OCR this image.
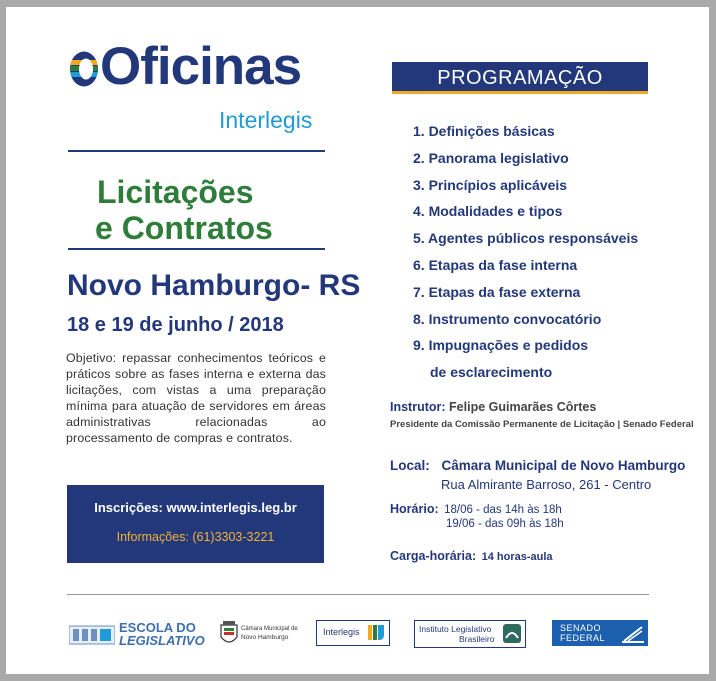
Oficinas
Interlegis
Licitações
e Contratos
Novo Hamburgo- RS
18 e 19 de junho / 2018
Objetivo: repassar conhecimentos teóricos e práticos sobre as fases interna e externa das licitações, com vistas a uma preparação mínima para atuação de servidores em áreas administrativas relacionadas ao processamento de compras e contratos.
Inscrições: www.interlegis.leg.br
Informações: (61)3303-3221
PROGRAMAÇÃO
1. Definições básicas
2. Panorama legislativo
3. Princípios aplicáveis
4. Modalidades e tipos
5. Agentes públicos responsáveis
6. Etapas da fase interna
7. Etapas da fase externa
8. Instrumento convocatório
9. Impugnações e pedidos
de esclarecimento
Instrutor: Felipe Guimarães Côrtes
Presidente da Comissão Permanente de Licitação | Senado Federal
Local: Câmara Municipal de Novo Hamburgo
Rua Almirante Barroso, 261 - Centro
Horário: 18/06 - das 14h às 18h
19/06 - das 09h às 18h
Carga-horária: 14 horas-aula
ESCOLA DO
LEGISLATIVO
Câmara Municipal de
Novo Hamburgo
Interlegis	Instituto Legislativo
Brasileiro
SENADO
FEDERAL
